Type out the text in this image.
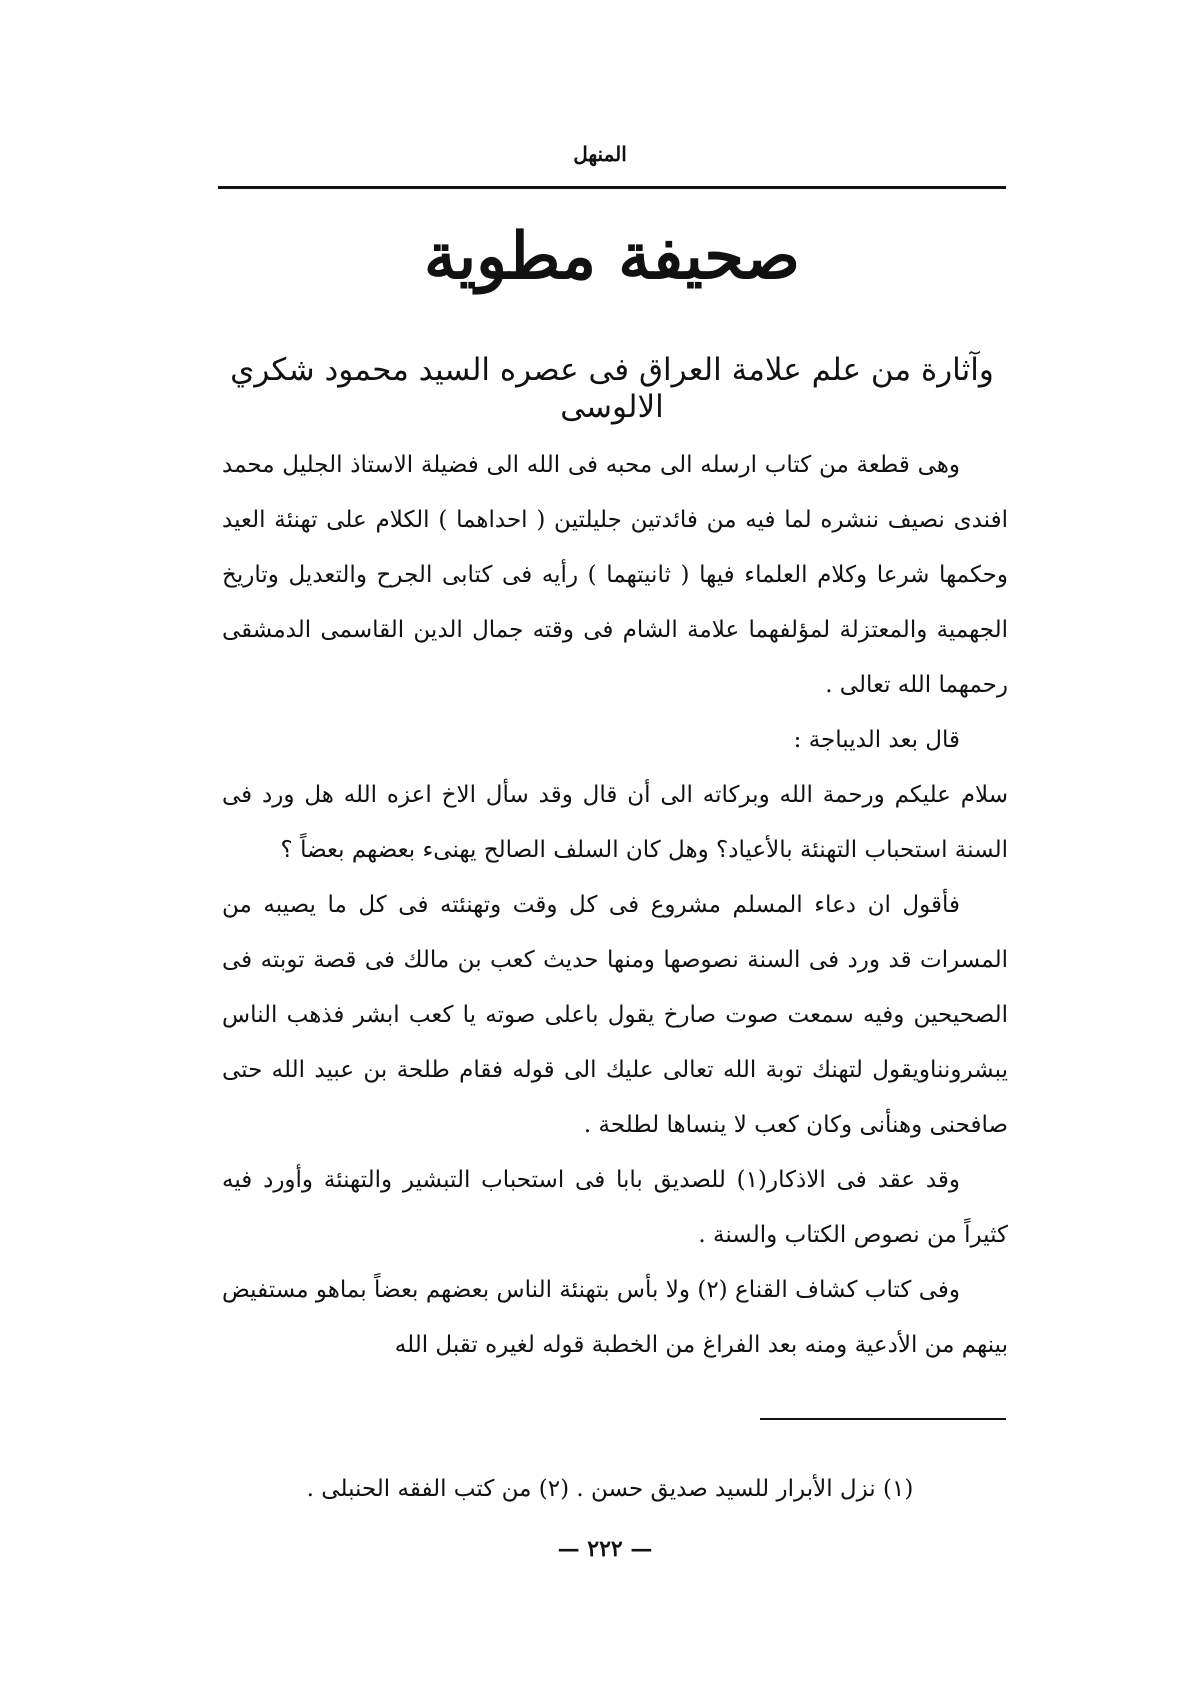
المنهل
صحيفة مطوية
وآثارة من علم علامة العراق فى عصره السيد محمود شكري الالوسى

وهى قطعة من كتاب ارسله الى محبه فى الله الى فضيلة الاستاذ الجليل محمد افندى نصيف ننشره لما فيه من فائدتين جليلتين ( احداهما ) الكلام على تهنئة العيد وحكمها شرعا وكلام العلماء فيها ( ثانيتهما ) رأيه فى كتابى الجرح والتعديل وتاريخ الجهمية والمعتزلة لمؤلفهما علامة الشام فى وقته جمال الدين القاسمى الدمشقى رحمهما الله تعالى .

قال بعد الديباجة :

سلام عليكم ورحمة الله وبركاته الى أن قال وقد سأل الاخ اعزه الله هل ورد فى السنة استحباب التهنئة بالأعياد؟ وهل كان السلف الصالح يهنىء بعضهم بعضاً ؟

فأقول ان دعاء المسلم مشروع فى كل وقت وتهنئته فى كل ما يصيبه من المسرات قد ورد فى السنة نصوصها ومنها حديث كعب بن مالك فى قصة توبته فى الصحيحين وفيه سمعت صوت صارخ يقول باعلى صوته يا كعب ابشر فذهب الناس يبشرونناويقول لتهنك توبة الله تعالى عليك الى قوله فقام طلحة بن عبيد الله حتى صافحنى وهنأنى وكان كعب لا ينساها لطلحة .

وقد عقد فى الاذكار(١) للصديق بابا فى استحباب التبشير والتهنئة وأورد فيه كثيراً من نصوص الكتاب والسنة .

وفى كتاب كشاف القناع (٢) ولا بأس بتهنئة الناس بعضهم بعضاً بماهو مستفيض بينهم من الأدعية ومنه بعد الفراغ من الخطبة قوله لغيره تقبل الله

(١) نزل الأبرار للسيد صديق حسن . (٢) من كتب الفقه الحنبلى .
— ٢٢٢ —
